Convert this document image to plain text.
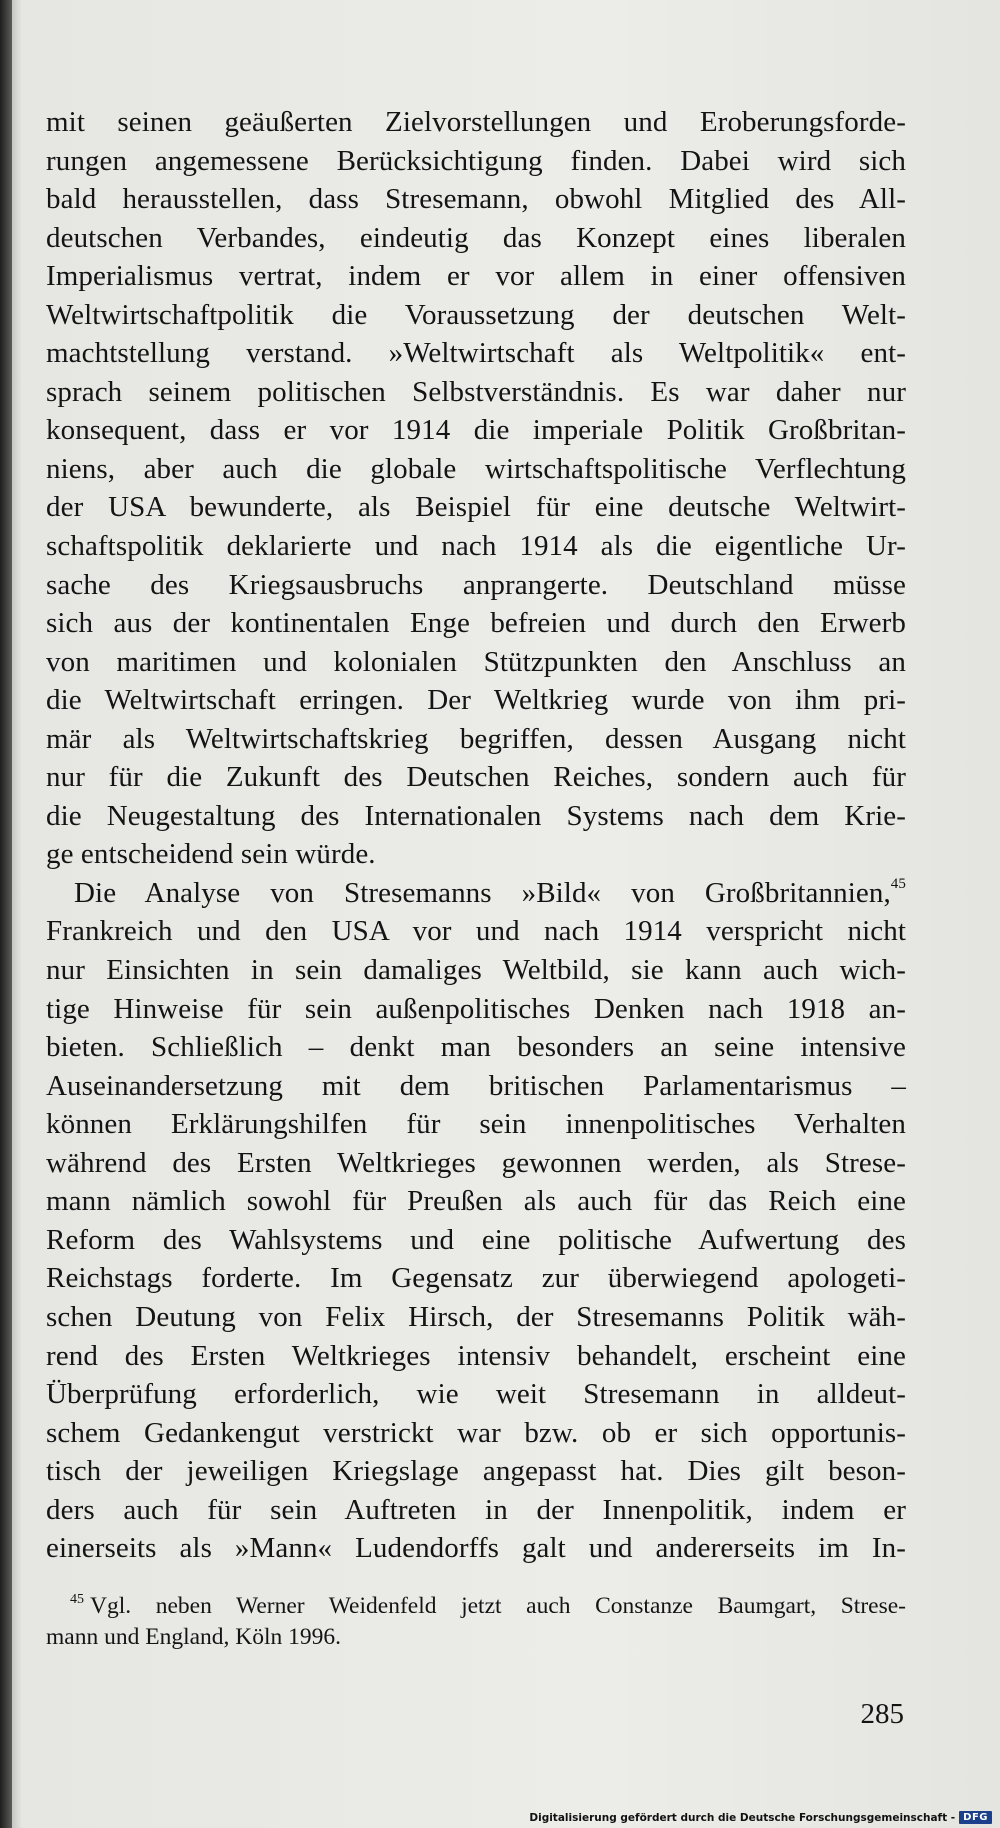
mit seinen geäußerten Zielvorstellungen und Eroberungsforde-
rungen angemessene Berücksichtigung finden. Dabei wird sich
bald herausstellen, dass Stresemann, obwohl Mitglied des All-
deutschen Verbandes, eindeutig das Konzept eines liberalen
Imperialismus vertrat, indem er vor allem in einer offensiven
Weltwirtschaftpolitik die Voraussetzung der deutschen Welt-
machtstellung verstand. »Weltwirtschaft als Weltpolitik« ent-
sprach seinem politischen Selbstverständnis. Es war daher nur
konsequent, dass er vor 1914 die imperiale Politik Großbritan-
niens, aber auch die globale wirtschaftspolitische Verflechtung
der USA bewunderte, als Beispiel für eine deutsche Weltwirt-
schaftspolitik deklarierte und nach 1914 als die eigentliche Ur-
sache des Kriegsausbruchs anprangerte. Deutschland müsse
sich aus der kontinentalen Enge befreien und durch den Erwerb
von maritimen und kolonialen Stützpunkten den Anschluss an
die Weltwirtschaft erringen. Der Weltkrieg wurde von ihm pri-
mär als Weltwirtschaftskrieg begriffen, dessen Ausgang nicht
nur für die Zukunft des Deutschen Reiches, sondern auch für
die Neugestaltung des Internationalen Systems nach dem Krie-
ge entscheidend sein würde.
Die Analyse von Stresemanns »Bild« von Großbritannien,$^{45}$
Frankreich und den USA vor und nach 1914 verspricht nicht
nur Einsichten in sein damaliges Weltbild, sie kann auch wich-
tige Hinweise für sein außenpolitisches Denken nach 1918 an-
bieten. Schließlich – denkt man besonders an seine intensive
Auseinandersetzung mit dem britischen Parlamentarismus –
können Erklärungshilfen für sein innenpolitisches Verhalten
während des Ersten Weltkrieges gewonnen werden, als Strese-
mann nämlich sowohl für Preußen als auch für das Reich eine
Reform des Wahlsystems und eine politische Aufwertung des
Reichstags forderte. Im Gegensatz zur überwiegend apologeti-
schen Deutung von Felix Hirsch, der Stresemanns Politik wäh-
rend des Ersten Weltkrieges intensiv behandelt, erscheint eine
Überprüfung erforderlich, wie weit Stresemann in alldeut-
schem Gedankengut verstrickt war bzw. ob er sich opportunis-
tisch der jeweiligen Kriegslage angepasst hat. Dies gilt beson-
ders auch für sein Auftreten in der Innenpolitik, indem er
einerseits als »Mann« Ludendorffs galt und andererseits im In-
$^{45}$ Vgl. neben Werner Weidenfeld jetzt auch Constanze Baumgart, Strese-
mann und England, Köln 1996.
285
Digitalisierung gefördert durch die Deutsche Forschungsgemeinschaft - DFG
